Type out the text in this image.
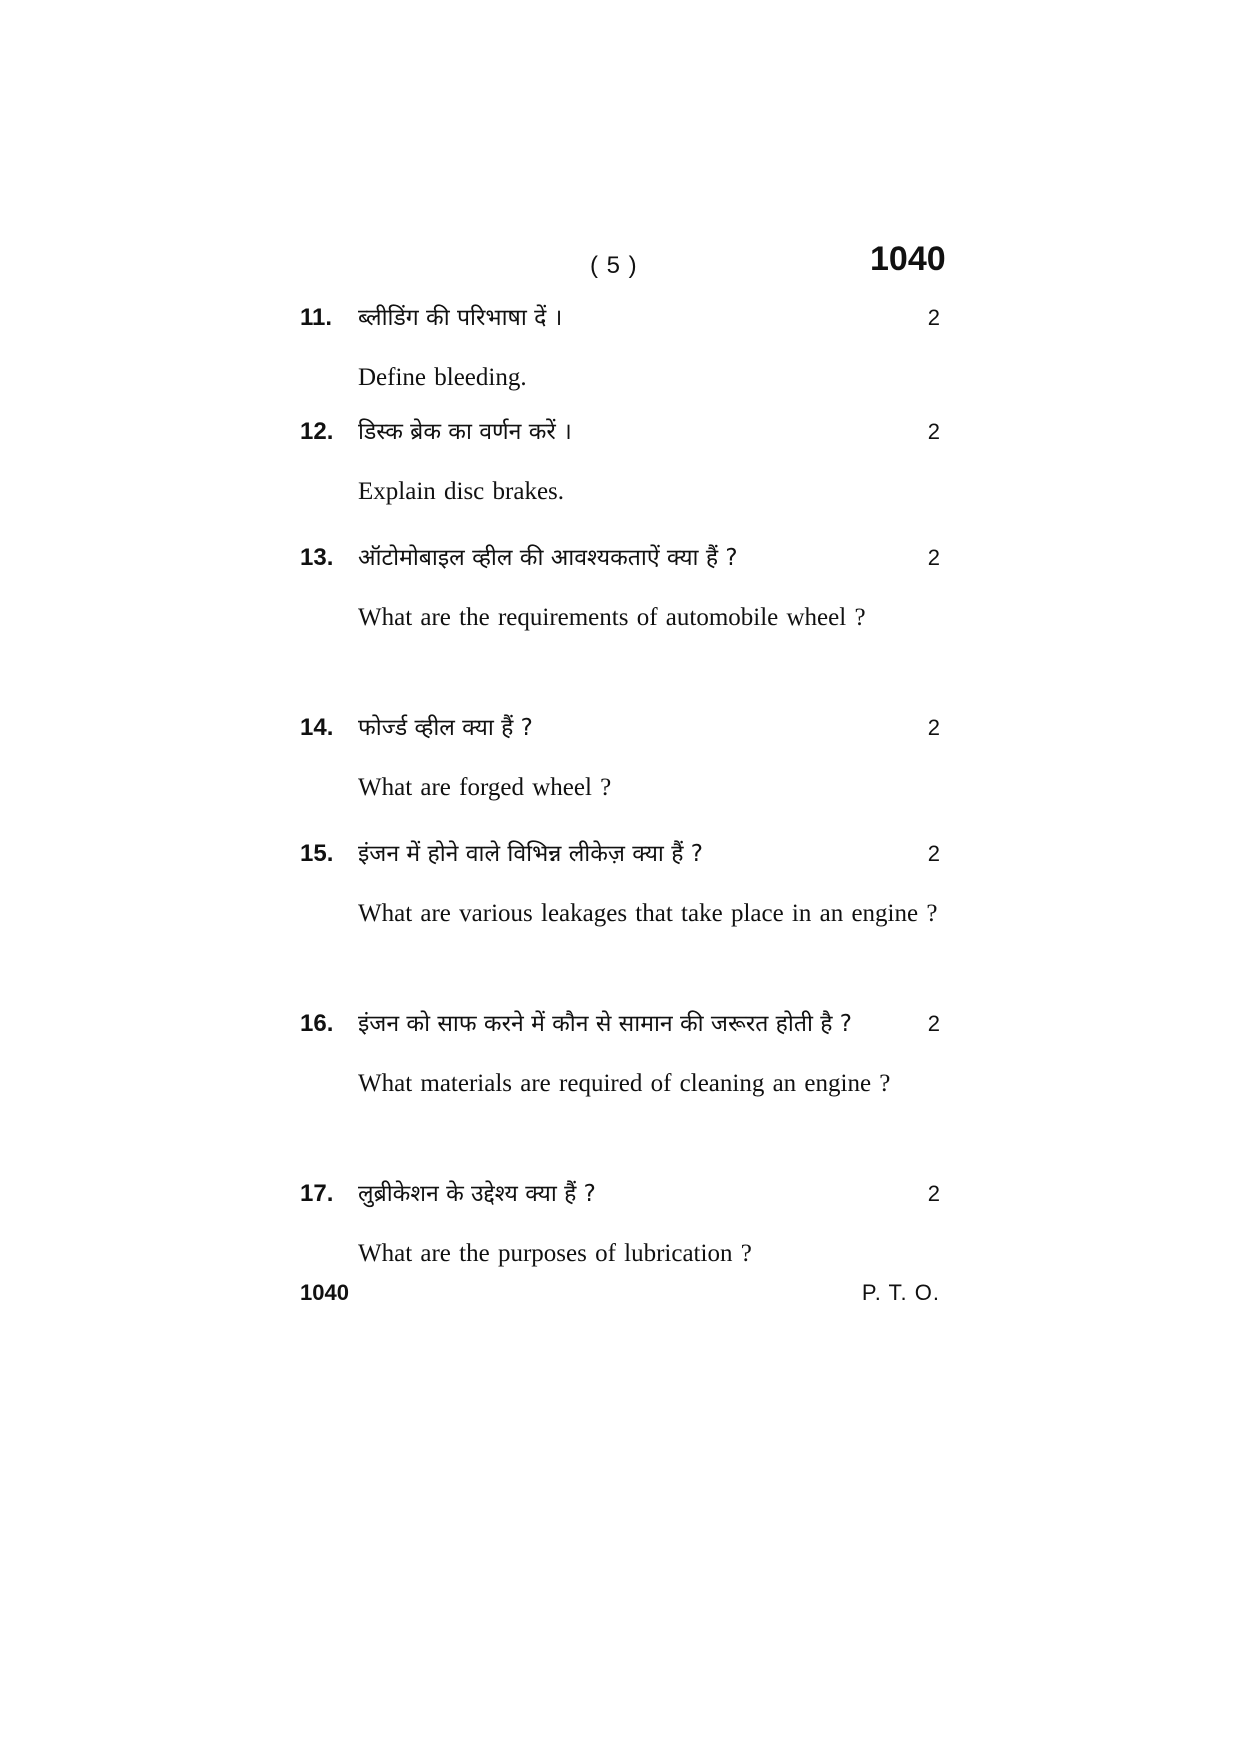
( 5 )	1040
11. ब्लीडिंग की परिभाषा दें ।	2
Define bleeding.
12. डिस्क ब्रेक का वर्णन करें ।	2
Explain disc brakes.
13. ऑटोमोबाइल व्हील की आवश्यकताऐं क्या हैं ?	2
What are the requirements of automobile wheel ?
14. फोर्ज्ड व्हील क्या हैं ?	2
What are forged wheel ?
15. इंजन में होने वाले विभिन्न लीकेज़ क्या हैं ?	2
What are various leakages that take place in an engine ?
16. इंजन को साफ करने में कौन से सामान की जरूरत होती है ?	2
What materials are required of cleaning an engine ?
17. लुब्रीकेशन के उद्देश्य क्या हैं ?	2
What are the purposes of lubrication ?
1040	P. T. O.
